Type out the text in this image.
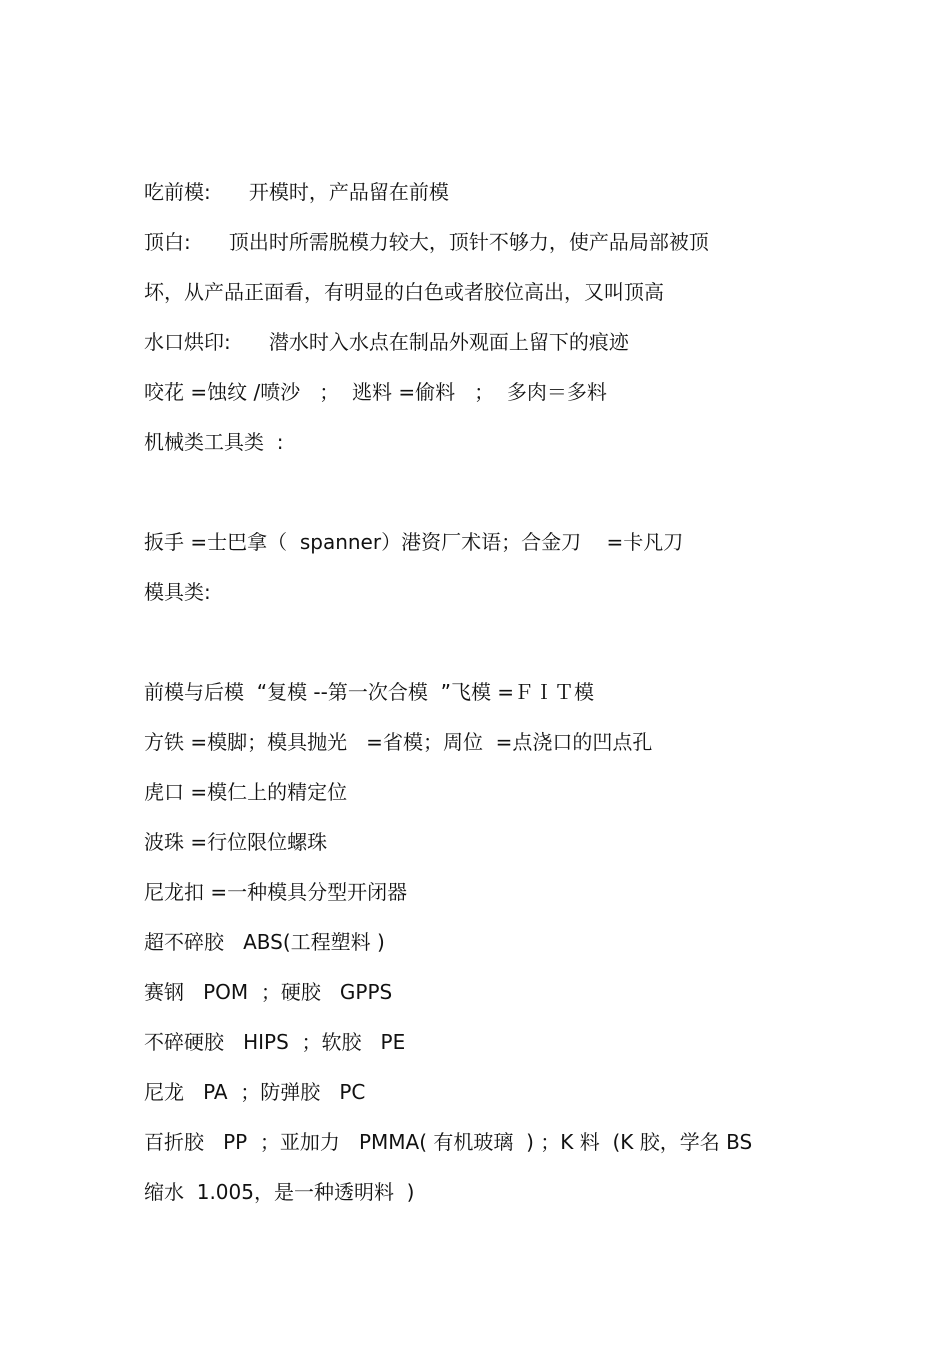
吃前模:      开模时，产品留在前模
顶白:      顶出时所需脱模力较大，顶针不够力，使产品局部被顶
坏，从产品正面看，有明显的白色或者胶位高出，又叫顶高
水口烘印:      潜水时入水点在制品外观面上留下的痕迹
咬花 =蚀纹 /喷沙   ；  逃料 =偷料   ；  多肉＝多料
机械类工具类  :
扳手 =士巴拿（  spanner）港资厂术语；合金刀    =卡凡刀
模具类:
前模与后模  “复模 --第一次合模  ”飞模 =ＦＩＴ模
方铁 =模脚；模具抛光   =省模；周位  =点浇口的凹点孔
虎口 =模仁上的精定位
波珠 =行位限位螺珠
尼龙扣 =一种模具分型开闭器
超不碎胶   ABS(工程塑料 )
赛钢   POM  ；硬胶   GPPS
不碎硬胶   HIPS  ；软胶   PE
尼龙   PA  ；防弹胶   PC
百折胶   PP  ；亚加力   PMMA( 有机玻璃  ) ；K 料  (K 胶，学名 BS
缩水  1.005，是一种透明料  )
